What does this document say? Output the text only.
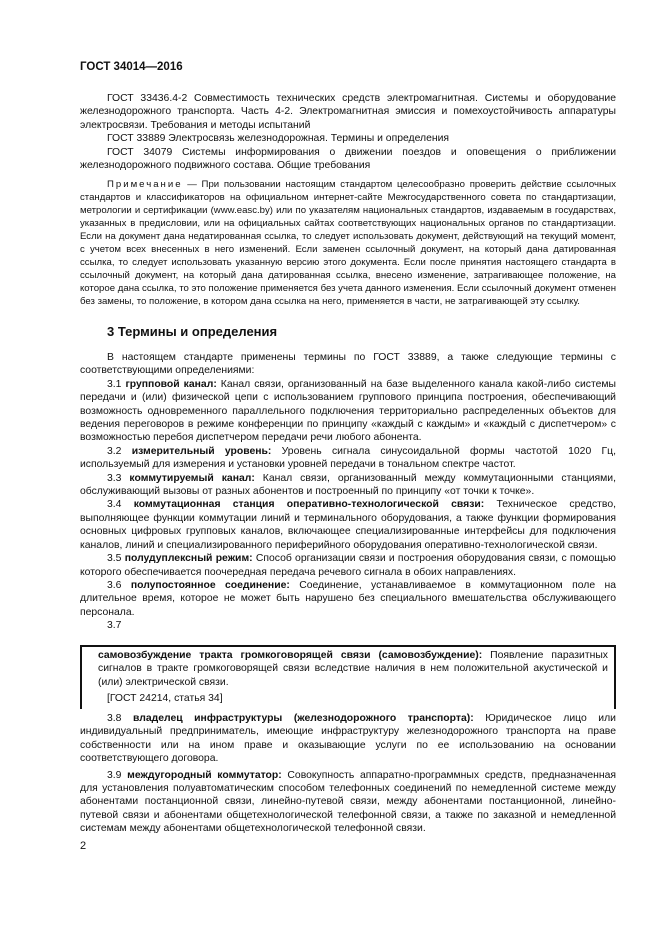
ГОСТ 34014—2016

ГОСТ 33436.4-2 Совместимость технических средств электромагнитная. Системы и оборудование железнодорожного транспорта. Часть 4-2. Электромагнитная эмиссия и помехоустойчивость аппаратуры электросвязи. Требования и методы испытаний

ГОСТ 33889 Электросвязь железнодорожная. Термины и определения

ГОСТ 34079 Системы информирования о движении поездов и оповещения о приближении железнодорожного подвижного состава. Общие требования

Примечание — При пользовании настоящим стандартом целесообразно проверить действие ссылочных стандартов и классификаторов на официальном интернет-сайте Межгосударственного совета по стандартизации, метрологии и сертификации (www.easc.by) или по указателям национальных стандартов, издаваемым в государствах, указанных в предисловии, или на официальных сайтах соответствующих национальных органов по стандартизации. Если на документ дана недатированная ссылка, то следует использовать документ, действующий на текущий момент, с учетом всех внесенных в него изменений. Если заменен ссылочный документ, на который дана датированная ссылка, то следует использовать указанную версию этого документа. Если после принятия настоящего стандарта в ссылочный документ, на который дана датированная ссылка, внесено изменение, затрагивающее положение, на которое дана ссылка, то это положение применяется без учета данного изменения. Если ссылочный документ отменен без замены, то положение, в котором дана ссылка на него, применяется в части, не затрагивающей эту ссылку.

3 Термины и определения

В настоящем стандарте применены термины по ГОСТ 33889, а также следующие термины с соответствующими определениями:

3.1 групповой канал: Канал связи, организованный на базе выделенного канала какой-либо системы передачи и (или) физической цепи с использованием группового принципа построения, обеспечивающий возможность одновременного параллельного подключения территориально распределенных объектов для ведения переговоров в режиме конференции по принципу «каждый с каждым» и «каждый с диспетчером» с возможностью перебоя диспетчером передачи речи любого абонента.

3.2 измерительный уровень: Уровень сигнала синусоидальной формы частотой 1020 Гц, используемый для измерения и установки уровней передачи в тональном спектре частот.

3.3 коммутируемый канал: Канал связи, организованный между коммутационными станциями, обслуживающий вызовы от разных абонентов и построенный по принципу «от точки к точке».

3.4 коммутационная станция оперативно-технологической связи: Техническое средство, выполняющее функции коммутации линий и терминального оборудования, а также функции формирования основных цифровых групповых каналов, включающее специализированные интерфейсы для подключения каналов, линий и специализированного периферийного оборудования оперативно-технологической связи.

3.5 полудуплексный режим: Способ организации связи и построения оборудования связи, с помощью которого обеспечивается поочередная передача речевого сигнала в обоих направлениях.

3.6 полупостоянное соединение: Соединение, устанавливаемое в коммутационном поле на длительное время, которое не может быть нарушено без специального вмешательства обслуживающего персонала.

3.7

самовозбуждение тракта громкоговорящей связи (самовозбуждение): Появление паразитных сигналов в тракте громкоговорящей связи вследствие наличия в нем положительной акустической и (или) электрической связи.

[ГОСТ 24214, статья 34]

3.8 владелец инфраструктуры (железнодорожного транспорта): Юридическое лицо или индивидуальный предприниматель, имеющие инфраструктуру железнодорожного транспорта на праве собственности или на ином праве и оказывающие услуги по ее использованию на основании соответствующего договора.

3.9 междугородный коммутатор: Совокупность аппаратно-программных средств, предназначенная для установления полуавтоматическим способом телефонных соединений по немедленной системе между абонентами постанционной связи, линейно-путевой связи, между абонентами постанционной, линейно-путевой связи и абонентами общетехнологической телефонной связи, а также по заказной и немедленной системам между абонентами общетехнологической телефонной связи.

2
